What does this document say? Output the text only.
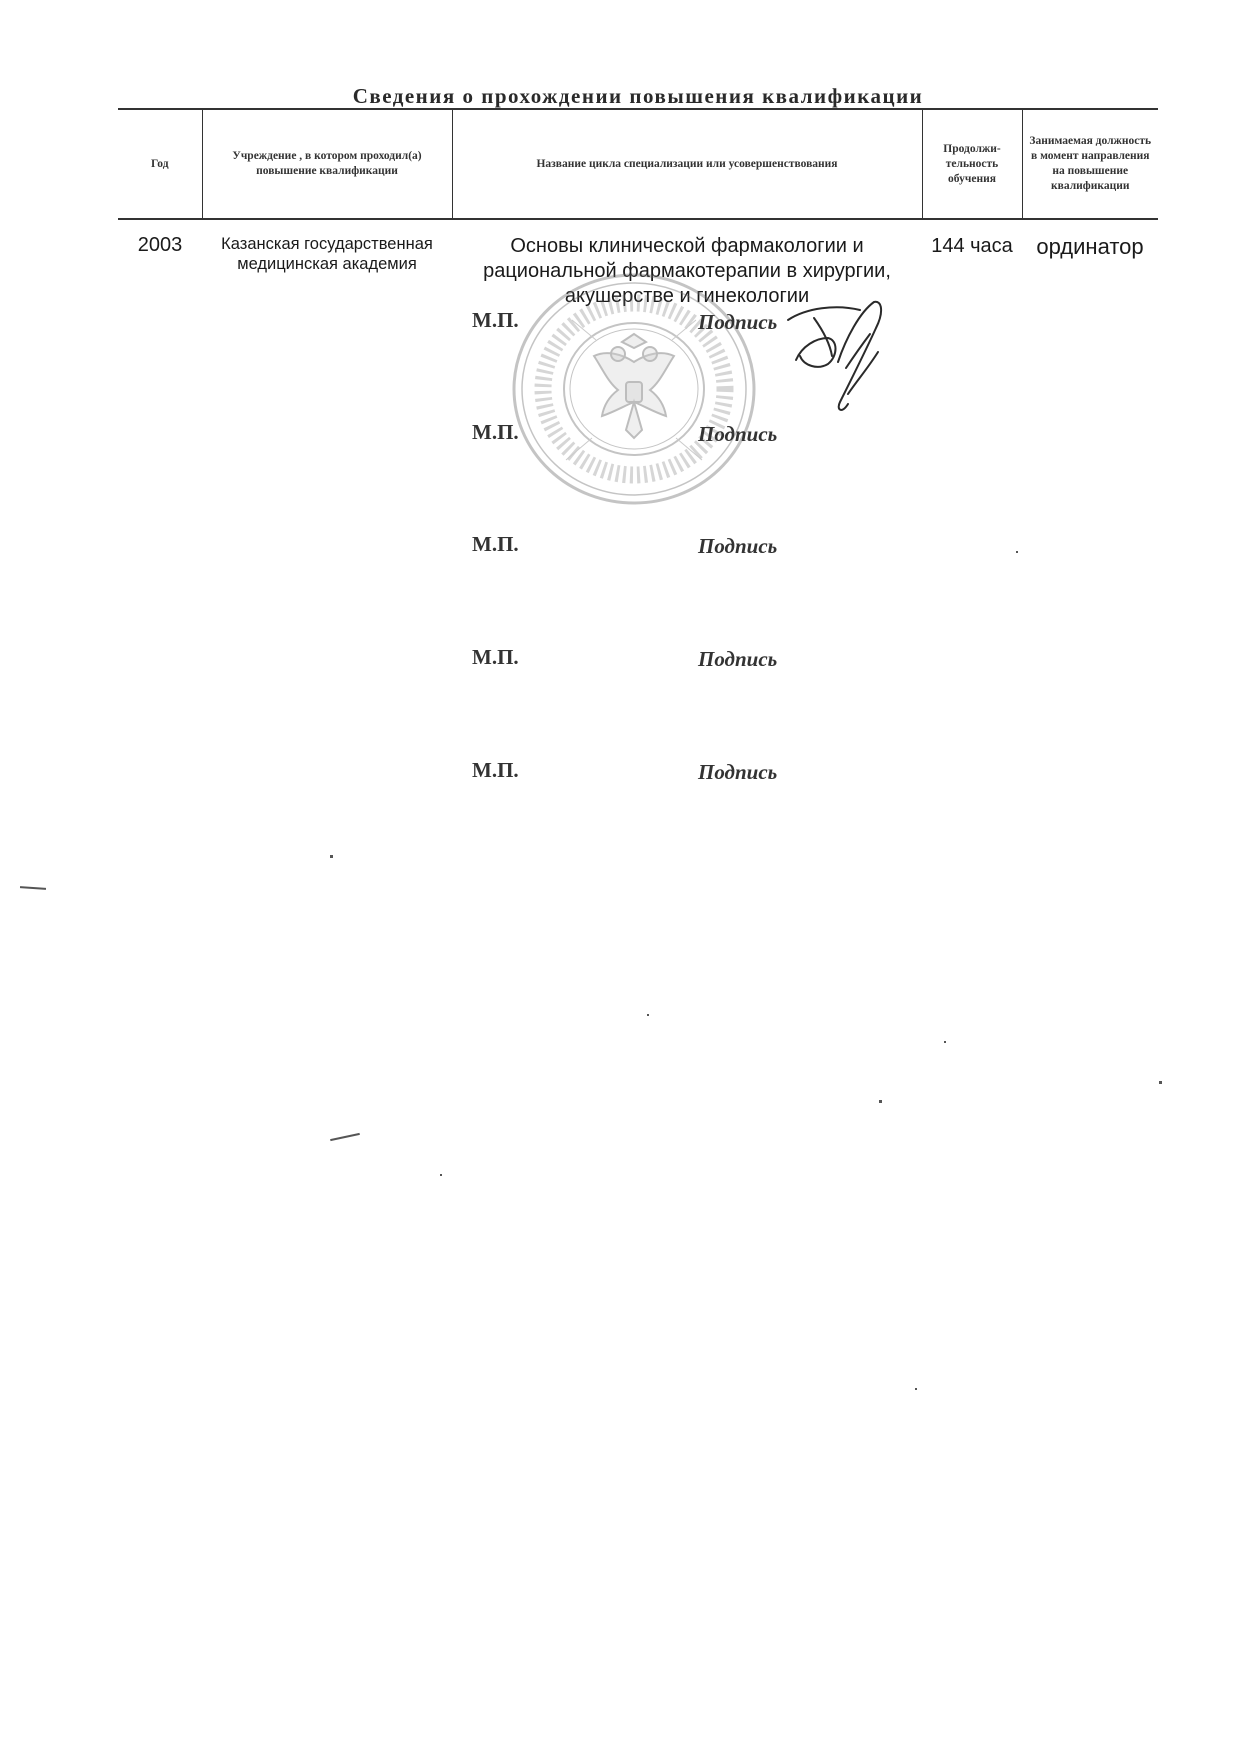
Сведения о прохождении повышения квалификации
Год	Учреждение , в котором проходил(а) повышение квалификации	Название цикла специализации или усовершенствования	Продолжи-тельность обучения	Занимаемая должность в момент направления на повышение квалификации
2003	Казанская государственная медицинская академия	Основы клинической фармакологии и рациональной фармакотерапии в хирургии, акушерстве и гинекологии	144 часа	ординатор
М.П.	Подпись
М.П.	Подпись
М.П.	Подпись
М.П.	Подпись
М.П.	Подпись
